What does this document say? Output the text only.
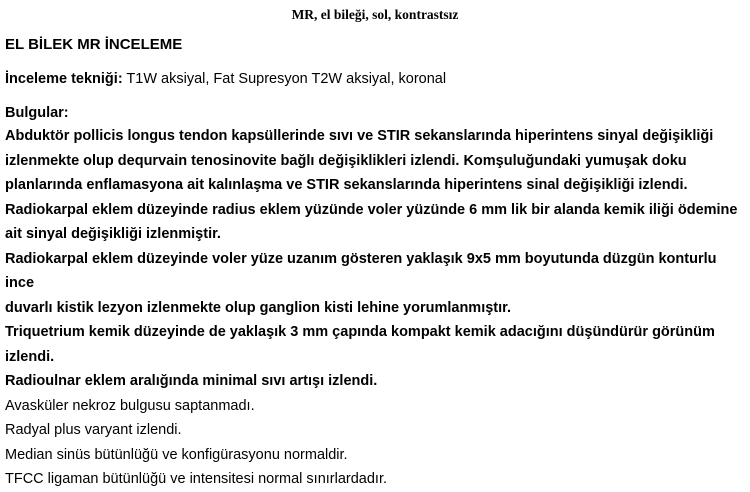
MR, el bileği, sol, kontrastsız
EL BİLEK MR İNCELEME
İnceleme tekniği: T1W aksiyal, Fat Supresyon T2W aksiyal, koronal
Bulgular:
Abduktör pollicis longus tendon kapsüllerinde sıvı ve STIR sekanslarında hiperintens sinyal değişikliği
izlenmekte olup dequrvain tenosinovite bağlı değişiklikleri izlendi. Komşuluğundaki yumuşak doku
planlarında enflamasyona ait kalınlaşma ve STIR sekanslarında hiperintens sinal değişikliği izlendi.
Radiokarpal eklem düzeyinde radius eklem yüzünde voler yüzünde 6 mm lik bir alanda kemik iliği ödemine
ait sinyal değişikliği izlenmiştir.
Radiokarpal eklem düzeyinde voler yüze uzanım gösteren yaklaşık 9x5 mm boyutunda düzgün konturlu ince
duvarlı kistik lezyon izlenmekte olup ganglion kisti lehine yorumlanmıştır.
Triquetrium kemik düzeyinde de yaklaşık 3 mm çapında kompakt kemik adacığını düşündürür görünüm
izlendi.
Radioulnar eklem aralığında minimal sıvı artışı izlendi.
Avasküler nekroz bulgusu saptanmadı.
Radyal plus varyant izlendi.
Median sinüs bütünlüğü ve konfigürasyonu normaldir.
TFCC ligaman bütünlüğü ve intensitesi normal sınırlardadır.
